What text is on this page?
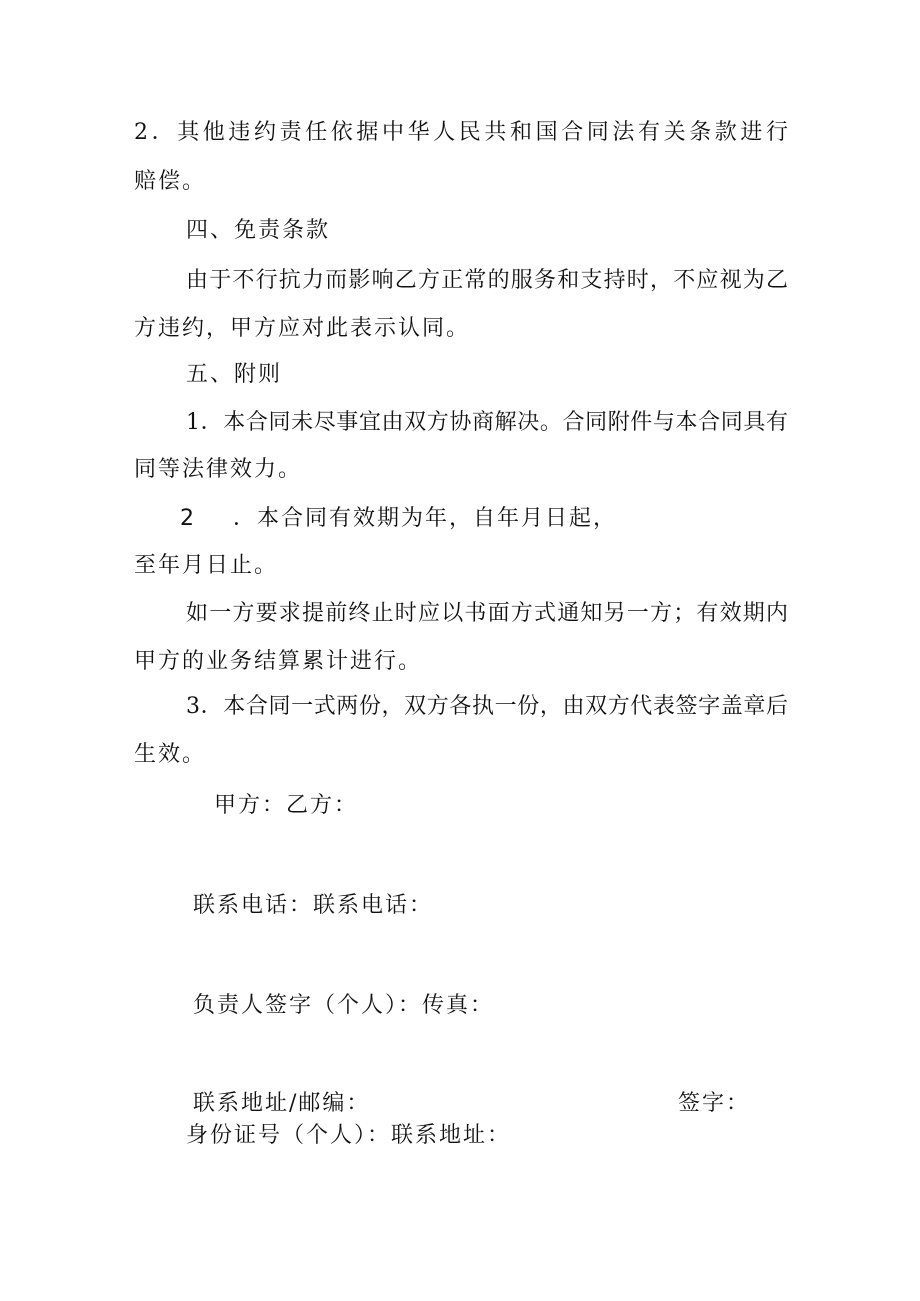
2．其他违约责任依据中华人民共和国合同法有关条款进行
赔偿。
四、免责条款
由于不行抗力而影响乙方正常的服务和支持时，不应视为乙
方违约，甲方应对此表示认同。
五、附则
1．本合同未尽事宜由双方协商解决。合同附件与本合同具有
同等法律效力。
2 ．本合同有效期为年，自年月日起，
至年月日止。
如一方要求提前终止时应以书面方式通知另一方；有效期内
甲方的业务结算累计进行。
3．本合同一式两份，双方各执一份，由双方代表签字盖章后
生效。
甲方：乙方：
联系电话：联系电话：
负责人签字（个人）：传真：
联系地址/邮编：	签字：
身份证号（个人）：联系地址：
